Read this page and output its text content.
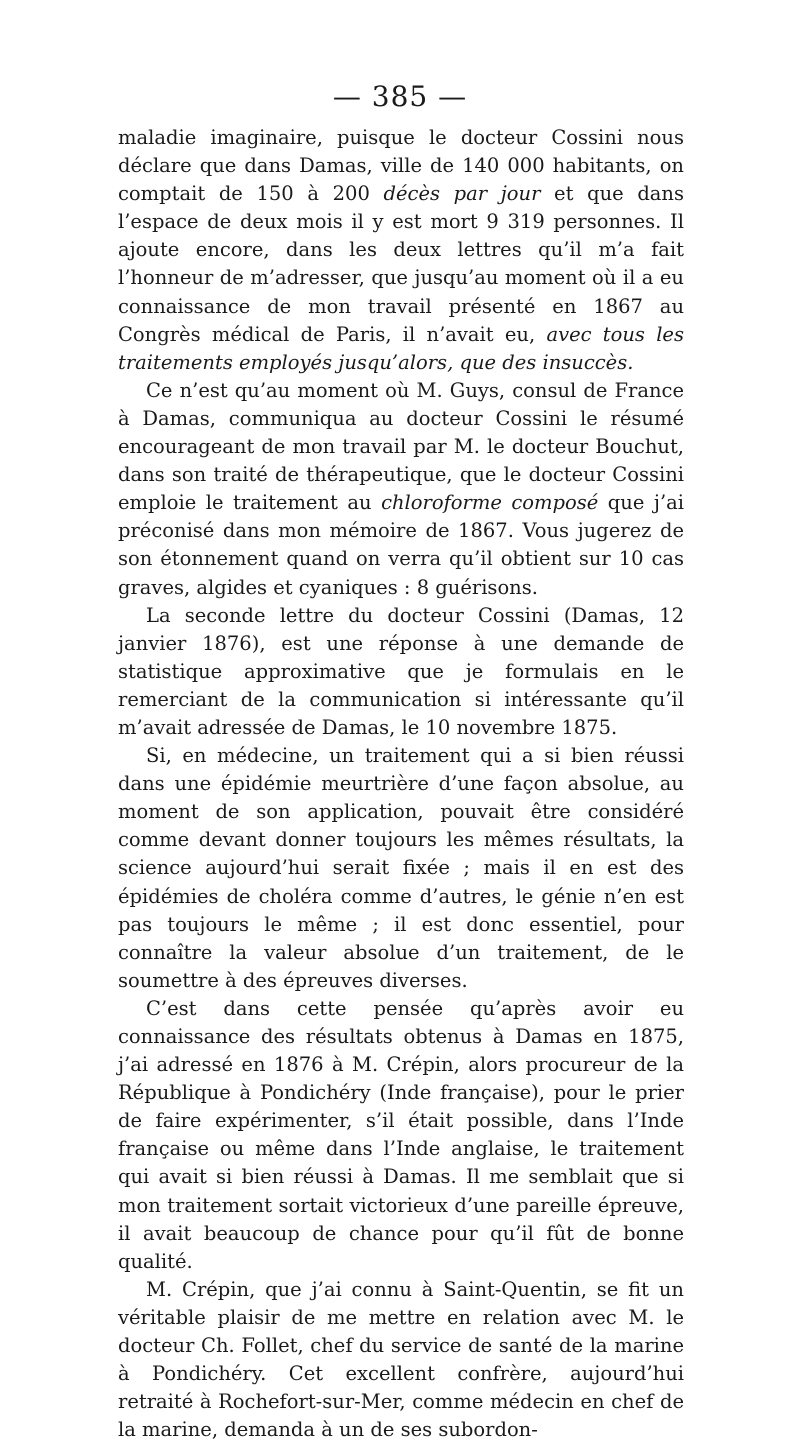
— 385 —

maladie imaginaire, puisque le docteur Cossini nous déclare que dans Damas, ville de 140 000 habitants, on comptait de 150 à 200 décès par jour et que dans l’espace de deux mois il y est mort 9 319 personnes. Il ajoute encore, dans les deux lettres qu’il m’a fait l’honneur de m’adresser, que jusqu’au moment où il a eu connaissance de mon travail présenté en 1867 au Congrès médical de Paris, il n’avait eu, avec tous les traitements employés jusqu’alors, que des insuccès.

Ce n’est qu’au moment où M. Guys, consul de France à Damas, communiqua au docteur Cossini le résumé encourageant de mon travail par M. le docteur Bouchut, dans son traité de thérapeutique, que le docteur Cossini emploie le traitement au chloroforme composé que j’ai préconisé dans mon mémoire de 1867. Vous jugerez de son étonnement quand on verra qu’il obtient sur 10 cas graves, algides et cyaniques : 8 guérisons.

La seconde lettre du docteur Cossini (Damas, 12 janvier 1876), est une réponse à une demande de statistique approximative que je formulais en le remerciant de la communication si intéressante qu’il m’avait adressée de Damas, le 10 novembre 1875.

Si, en médecine, un traitement qui a si bien réussi dans une épidémie meurtrière d’une façon absolue, au moment de son application, pouvait être considéré comme devant donner toujours les mêmes résultats, la science aujourd’hui serait fixée ; mais il en est des épidémies de choléra comme d’autres, le génie n’en est pas toujours le même ; il est donc essentiel, pour connaître la valeur absolue d’un traitement, de le soumettre à des épreuves diverses.

C’est dans cette pensée qu’après avoir eu connaissance des résultats obtenus à Damas en 1875, j’ai adressé en 1876 à M. Crépin, alors procureur de la République à Pondichéry (Inde française), pour le prier de faire expérimenter, s’il était possible, dans l’Inde française ou même dans l’Inde anglaise, le traitement qui avait si bien réussi à Damas. Il me semblait que si mon traitement sortait victorieux d’une pareille épreuve, il avait beaucoup de chance pour qu’il fût de bonne qualité.

M. Crépin, que j’ai connu à Saint-Quentin, se fit un véritable plaisir de me mettre en relation avec M. le docteur Ch. Follet, chef du service de santé de la marine à Pondichéry. Cet excellent confrère, aujourd’hui retraité à Rochefort-sur-Mer, comme médecin en chef de la marine, demanda à un de ses subordon-
